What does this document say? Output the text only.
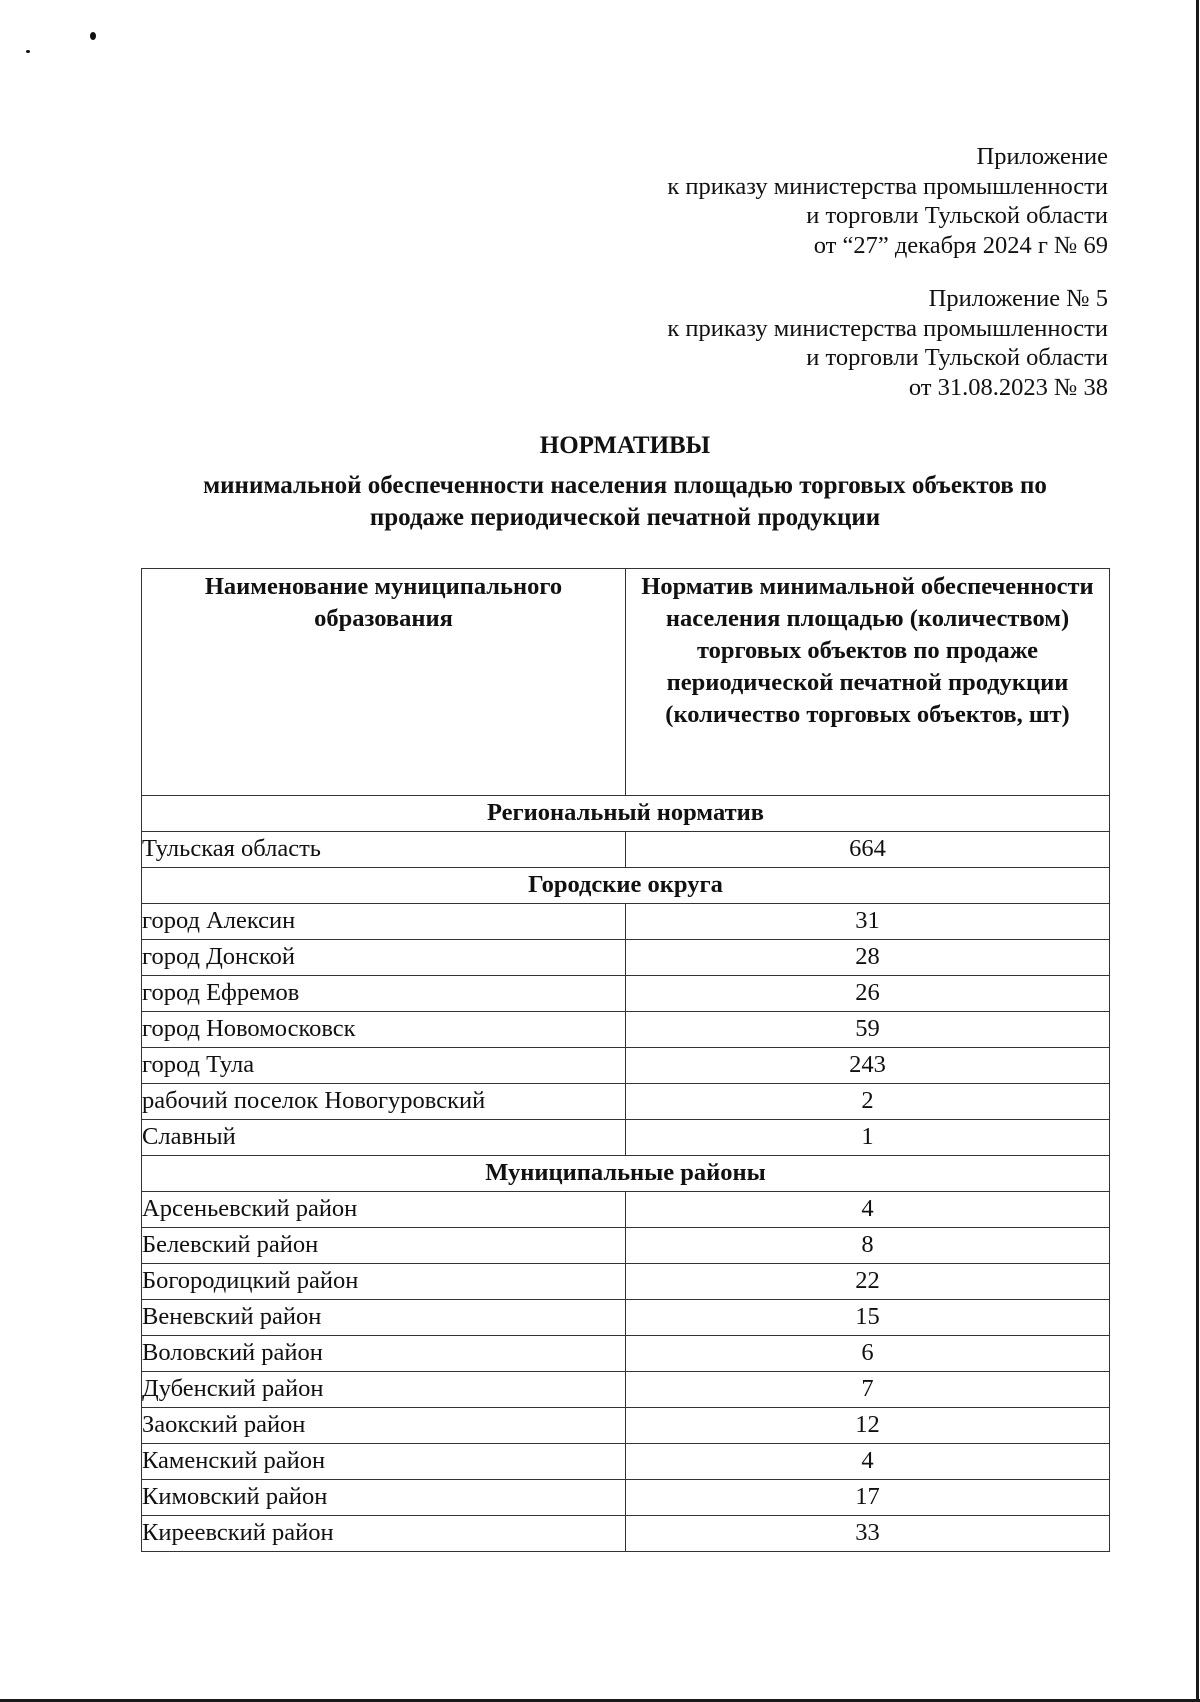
Приложение
к приказу министерства промышленности
и торговли Тульской области
от “27” декабря 2024 г № 69
Приложение № 5
к приказу министерства промышленности
и торговли Тульской области
от 31.08.2023 № 38
НОРМАТИВЫ
минимальной обеспеченности населения площадью торговых объектов по
продаже периодической печатной продукции
Наименование муниципального образования	Норматив минимальной обеспеченности населения площадью (количеством) торговых объектов по продаже периодической печатной продукции (количество торговых объектов, шт)

Региональный норматив	
Тульская область	664
Городские округа	
город Алексин	31
город Донской	28
город Ефремов	26
город Новомосковск	59
город Тула	243
рабочий поселок Новогуровский	2
Славный	1
Муниципальные районы	
Арсеньевский район	4
Белевский район	8
Богородицкий район	22
Веневский район	15
Воловский район	6
Дубенский район	7
Заокский район	12
Каменский район	4
Кимовский район	17
Киреевский район	33
